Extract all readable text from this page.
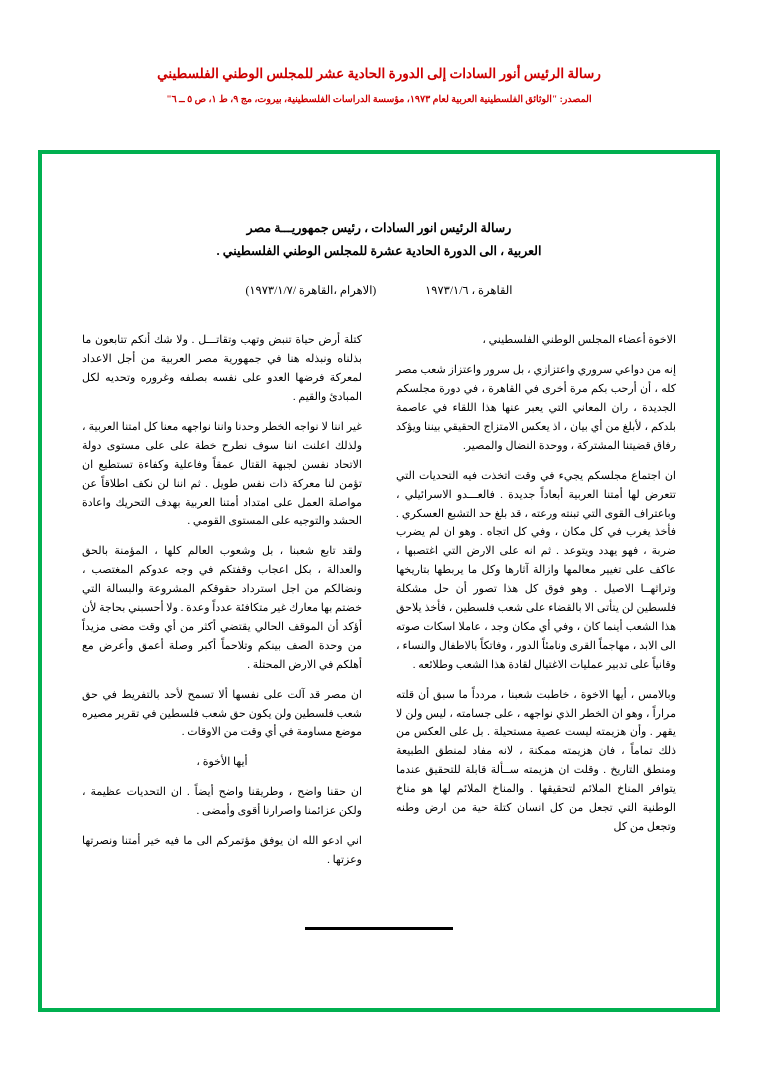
رسالة الرئيس أنور السادات إلى الدورة الحادية عشر للمجلس الوطني الفلسطيني
المصدر: "الوثائق الفلسطينية العربية لعام ١٩٧٣، مؤسسة الدراسات الفلسطينية، بيروت، مج ٩، ط ١، ص ٥ ــ ٦"
رسالة الرئيس انور السادات ، رئيس جمهوريـــة مصر
العربية ، الى الدورة الحادية عشرة للمجلس الوطني الفلسطيني .
القاهرة ، ١٩٧٣/١/٦ (الاهرام ،القاهرة /١٩٧٣/١/٧)

الاخوة أعضاء المجلس الوطني الفلسطيني ،

إنه من دواعي سروري واعتزازي ، بل سرور واعتزاز شعب مصر كله ، أن أرحب بكم مرة أخرى في القاهرة ، في دورة مجلسكم الجديدة ، ران المعاني التي يعبر عنها هذا اللقاء في عاصمة بلدكم ، لأبلغ من أي بيان ، اذ يعكس الامتزاج الحقيقي بيننا ويؤكد رفاق قضيتنا المشتركة ، ووحدة النضال والمصير.

ان اجتماع مجلسكم يجيء في وقت اتخذت فيه التحديات التي تتعرض لها أمتنا العربية أبعاداً جديدة . فالعـــدو الاسرائيلي ، وباعتراف القوى التي تبنته ورعته ، قد بلغ حد التشبع العسكري . فأخذ يغرب في كل مكان ، وفي كل اتجاه . وهو ان لم يضرب ضربة ، فهو يهدد ويتوعد . ثم انه على الارض التي اغتصبها ، عاكف على تغيير معالمها وازالة آثارها وكل ما يربطها بتاريخها وتراثهــا الاصيل . وهو فوق كل هذا تصور أن حل مشكلة فلسطين لن يتأتى الا بالقضاء على شعب فلسطين ، فأخذ يلاحق هذا الشعب أينما كان ، وفي أي مكان وجد ، عاملا اسكات صوته الى الابد ، مهاجماً القرى ونامئاً الدور ، وفاتكاً بالاطفال والنساء ، وقانياً على تدبير عمليات الاغتيال لقادة هذا الشعب وطلائعه .

وبالامس ، أيها الاخوة ، خاطبت شعبنا ، مردداً ما سبق أن قلته مراراً ، وهو ان الخطر الذي نواجهه ، على جسامته ، ليس ولن لا يقهر . وأن هزيمته ليست عصية مستحيلة . بل على العكس من ذلك تماماً ، فان هزيمته ممكنة ، لانه مفاد لمنطق الطبيعة ومنطق التاريخ . وقلت ان هزيمته ســألة قابلة للتحقيق عندما يتوافر المناخ الملائم لتحقيقها . والمناخ الملائم لها هو مناخ الوطنية التي تجعل من كل انسان كتلة حية من ارض وطنه وتجعل من كل

كتلة أرض حياة تنبض وتهب وتقاتـــل . ولا شك أنكم تتابعون ما بذلناه ونبذله هنا في جمهورية مصر العربية من أجل الاعداد لمعركة فرضها العدو على نفسه بصلفه وغروره وتحديه لكل المبادئ والقيم .

غير اننا لا نواجه الخطر وحدنا واننا نواجهه معنا كل امتنا العربية ، ولذلك اعلنت اننا سوف نطرح خطة على على مستوى دولة الاتحاد نفسن لجبهة القتال عمقاً وفاعلية وكفاءة تستطيع ان تؤمن لنا معركة ذات نفس طويل . ثم اننا لن نكف اطلاقاً عن مواصلة العمل على امتداد أمتنا العربية بهدف التحريك واعادة الحشد والتوجيه على المستوى القومي .

ولقد تابع شعبنا ، بل وشعوب العالم كلها ، المؤمنة بالحق والعدالة ، بكل اعجاب وقفتكم في وجه عدوكم المغتصب ، ونضالكم من اجل استرداد حقوقكم المشروعة والبسالة التي خضتم بها معارك غير متكافئة عدداً وعدة . ولا أحسبني بحاجة لأن أؤكد أن الموقف الحالي يقتضي أكثر من أي وقت مضى مزيداً من وحدة الصف بينكم وتلاحماً أكبر وصلة أعمق وأعرض مع أهلكم في الارض المحتلة .

ان مصر قد آلت على نفسها ألا تسمح لأحد بالتفريط في حق شعب فلسطين ولن يكون حق شعب فلسطين في تقرير مصيره موضع مساومة في أي وقت من الاوقات .

أيها الأخوة ،

ان حقنا واضح ، وطريقنا واضح أيضاً . ان التحديات عظيمة ، ولكن عزائمنا واصرارنا أقوى وأمضى .

اني ادعو الله ان يوفق مؤتمركم الى ما فيه خير أمتنا ونصرتها وعزتها .
